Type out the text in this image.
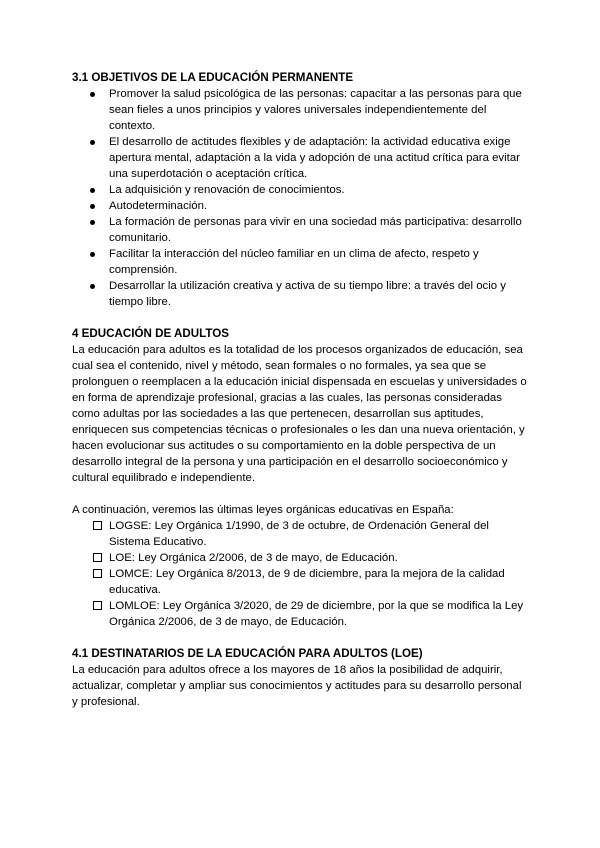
3.1 OBJETIVOS DE LA EDUCACIÓN PERMANENTE
Promover la salud psicológica de las personas: capacitar a las personas para que sean fieles a unos principios y valores universales independientemente del contexto.
El desarrollo de actitudes flexibles y de adaptación: la actividad educativa exige apertura mental, adaptación a la vida y adopción de una actitud crítica para evitar una superdotación o aceptación crítica.
La adquisición y renovación de conocimientos.
Autodeterminación.
La formación de personas para vivir en una sociedad más participativa: desarrollo comunitario.
Facilitar la interacción del núcleo familiar en un clima de afecto, respeto y comprensión.
Desarrollar la utilización creativa y activa de su tiempo libre: a través del ocio y tiempo libre.
4 EDUCACIÓN DE ADULTOS

La educación para adultos es la totalidad de los procesos organizados de educación, sea cual sea el contenido, nivel y método, sean formales o no formales, ya sea que se prolonguen o reemplacen a la educación inicial dispensada en escuelas y universidades o en forma de aprendizaje profesional, gracias a las cuales, las personas consideradas como adultas por las sociedades a las que pertenecen, desarrollan sus aptitudes, enriquecen sus competencias técnicas o profesionales o les dan una nueva orientación, y hacen evolucionar sus actitudes o su comportamiento en la doble perspectiva de un desarrollo integral de la persona y una participación en el desarrollo socioeconómico y cultural equilibrado e independiente.

A continuación, veremos las últimas leyes orgánicas educativas en España:

LOGSE: Ley Orgánica 1/1990, de 3 de octubre, de Ordenación General del Sistema Educativo.
LOE: Ley Orgánica 2/2006, de 3 de mayo, de Educación.
LOMCE: Ley Orgánica 8/2013, de 9 de diciembre, para la mejora de la calidad educativa.
LOMLOE: Ley Orgánica 3/2020, de 29 de diciembre, por la que se modifica la Ley Orgánica 2/2006, de 3 de mayo, de Educación.
4.1 DESTINATARIOS DE LA EDUCACIÓN PARA ADULTOS (LOE)

La educación para adultos ofrece a los mayores de 18 años la posibilidad de adquirir, actualizar, completar y ampliar sus conocimientos y actitudes para su desarrollo personal y profesional.
